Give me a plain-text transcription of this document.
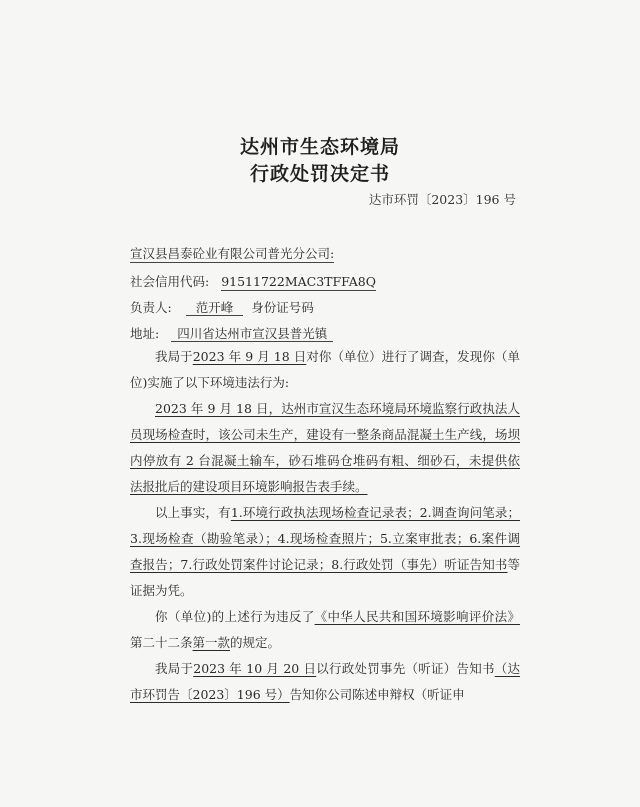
达州市生态环境局
行政处罚决定书
达市环罚〔2023〕196 号
宣汉县昌泰砼业有限公司普光分公司:
社会信用代码: 91511722MAC3TFFA8Q
负责人: 范开峰 身份证号码
地址: 四川省达州市宣汉县普光镇
我局于2023 年 9 月 18 日对你（单位）进行了调查，发现你（单位)实施了以下环境违法行为:
2023 年 9 月 18 日，达州市宣汉生态环境局环境监察行政执法人员现场检查时，该公司未生产，建设有一整条商品混凝土生产线，场坝内停放有 2 台混凝土输车，砂石堆码仓堆码有粗、细砂石，未提供依法报批后的建设项目环境影响报告表手续。
以上事实，有1.环境行政执法现场检查记录表；2.调查询问笔录；3.现场检查（勘验笔录）；4.现场检查照片；5.立案审批表；6.案件调查报告；7.行政处罚案件讨论记录；8.行政处罚（事先）听证告知书等证据为凭。
你（单位)的上述行为违反了《中华人民共和国环境影响评价法》第二十二条第一款的规定。
我局于2023 年 10 月 20 日以行政处罚事先（听证）告知书（达市环罚告〔2023〕196 号）告知你公司陈述申辩权（听证申
